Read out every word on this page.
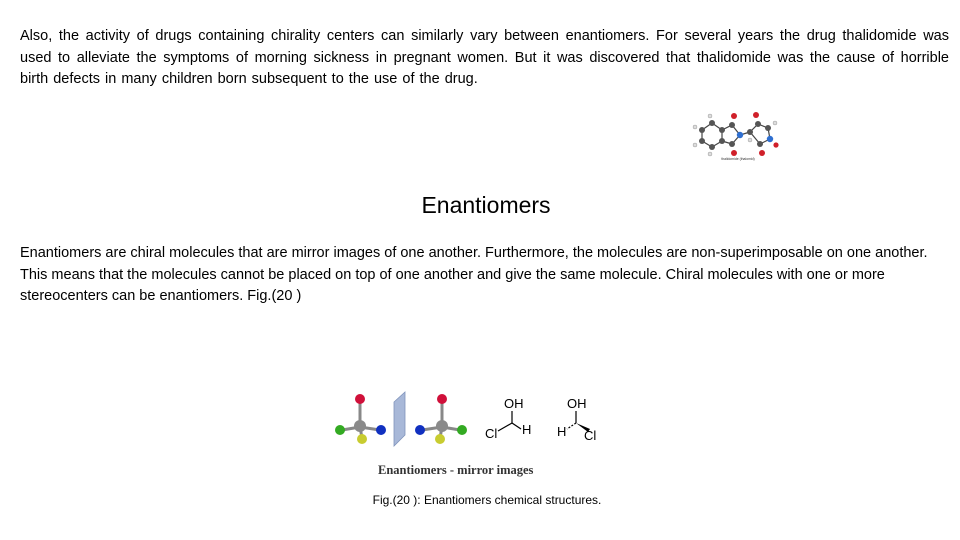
Also, the activity of drugs containing chirality centers can similarly vary between enantiomers. For several years the drug thalidomide was used to alleviate the symptoms of morning sickness in pregnant women. But it was discovered that thalidomide was the cause of horrible birth defects in many children born subsequent to the use of the drug.

thalidomide (thalomid)
Enantiomers

Enantiomers are chiral molecules that are mirror images of one another. Furthermore, the molecules are non-superimposable on one another. This means that the molecules cannot be placed on top of one another and give the same molecule. Chiral molecules with one or more stereocenters can be enantiomers. Fig.(20 )

OH
Cl H
OH
H Cl
Enantiomers - mirror images
Fig.(20 ): Enantiomers chemical structures.
